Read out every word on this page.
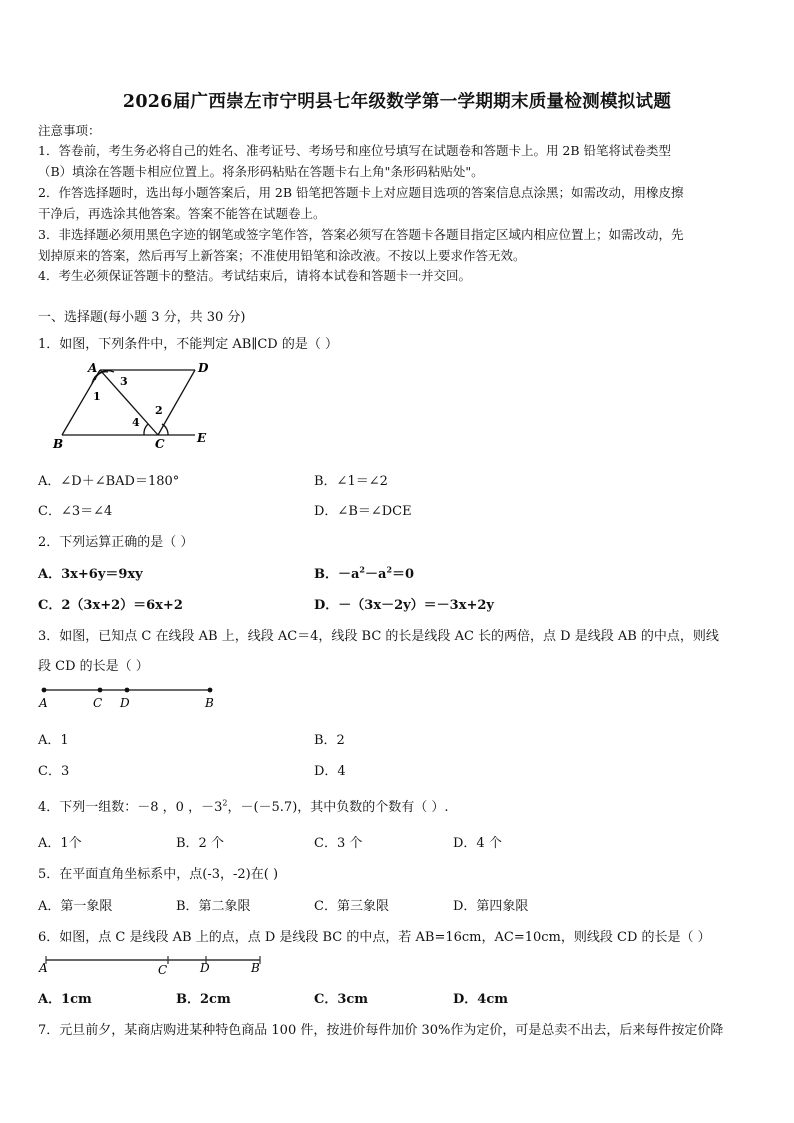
2026届广西崇左市宁明县七年级数学第一学期期末质量检测模拟试题
注意事项：
1．答卷前，考生务必将自己的姓名、准考证号、考场号和座位号填写在试题卷和答题卡上。用 2B 铅笔将试卷类型
（B）填涂在答题卡相应位置上。将条形码粘贴在答题卡右上角"条形码粘贴处"。
2．作答选择题时，选出每小题答案后，用 2B 铅笔把答题卡上对应题目选项的答案信息点涂黑；如需改动，用橡皮擦
干净后，再选涂其他答案。答案不能答在试题卷上。
3．非选择题必须用黑色字迹的钢笔或签字笔作答，答案必须写在答题卡各题目指定区域内相应位置上；如需改动，先
划掉原来的答案，然后再写上新答案；不准使用铅笔和涂改液。不按以上要求作答无效。
4．考生必须保证答题卡的整洁。考试结束后，请将本试卷和答题卡一并交回。
一、选择题(每小题 3 分，共 30 分)
1．如图，下列条件中，不能判定 AB∥CD 的是（ ）
A	D
B	C	E
1
3
2
4
A．∠D＋∠BAD＝180°	B．∠1＝∠2
C．∠3＝∠4	D．∠B＝∠DCE
2．下列运算正确的是（ ）
A．3x+6y＝9xy	B．$-a^2-a^2=0$
C．2（3x+2）＝6x+2	D．－（3x－2y）＝－3x+2y
3．如图，已知点 C 在线段 AB 上，线段 AC＝4，线段 BC 的长是线段 AC 长的两倍，点 D 是线段 AB 的中点，则线
段 CD 的长是（ ）
A	C D	B
A．1	B．2
C．3	D．4
4．下列一组数：－8 ，0 ，$-3^2$，－(－5.7)，其中负数的个数有（ ）.
A．1个	B．2 个	C．3 个	D．4 个
5．在平面直角坐标系中，点(-3，-2)在( )
A．第一象限	B．第二象限	C．第三象限	D．第四象限
6．如图，点 C 是线段 AB 上的点，点 D 是线段 BC 的中点，若 AB=16cm，AC=10cm，则线段 CD 的长是（ ）
A	C	D	B
A．1cm	B．2cm	C．3cm	D．4cm
7．元旦前夕，某商店购进某种特色商品 100 件，按进价每件加价 30%作为定价，可是总卖不出去，后来每件按定价降
